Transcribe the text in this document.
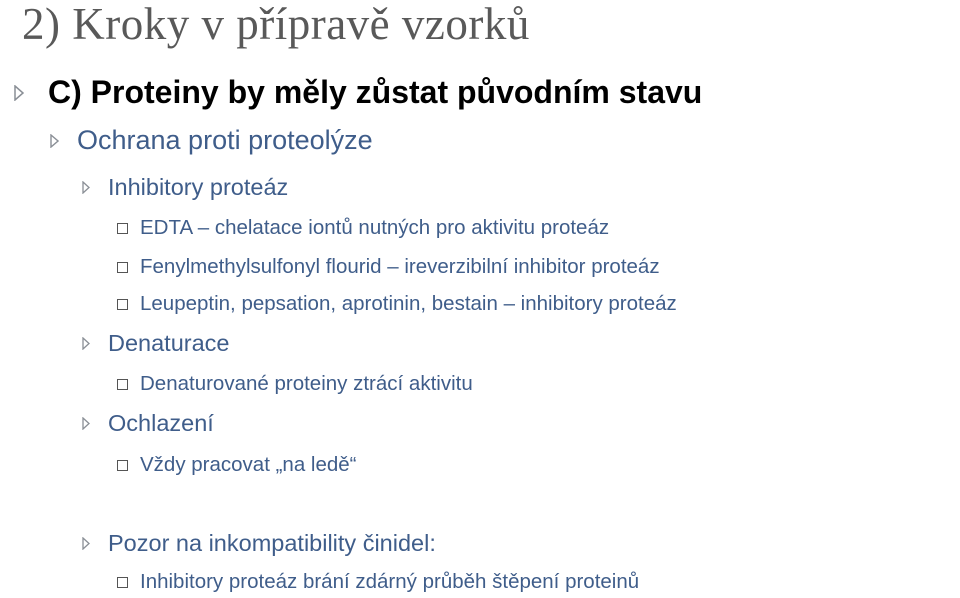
2) Kroky v přípravě vzorků
C) Proteiny by měly zůstat původním stavu
Ochrana proti proteolýze
Inhibitory proteáz
EDTA – chelatace iontů nutných pro aktivitu proteáz
Fenylmethylsulfonyl flourid – ireverzibilní inhibitor proteáz
Leupeptin, pepsation, aprotinin, bestain – inhibitory proteáz
Denaturace
Denaturované proteiny ztrácí aktivitu
Ochlazení
Vždy pracovat „na ledě“
Pozor na inkompatibility činidel:
Inhibitory proteáz brání zdárný průběh štěpení proteinů
